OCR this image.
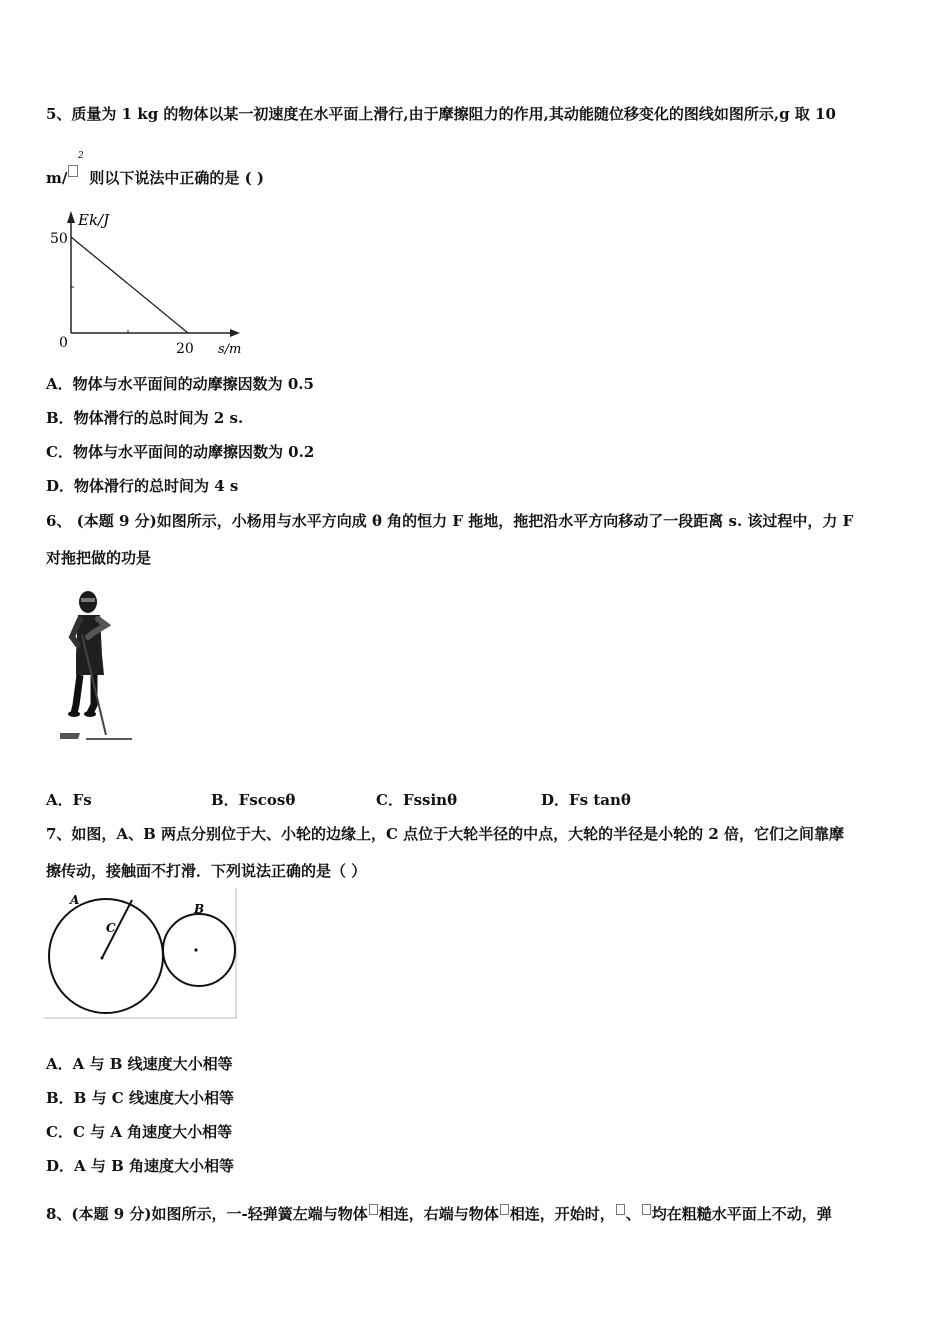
5、质量为 1 kg 的物体以某一初速度在水平面上滑行,由于摩擦阻力的作用,其动能随位移变化的图线如图所示,g 取 10
m/ 则以下说法中正确的是 ( )
2
Ek/J
50
0	20 s/m
A．物体与水平面间的动摩擦因数为 0.5
B．物体滑行的总时间为 2 s.
C．物体与水平面间的动摩擦因数为 0.2
D．物体滑行的总时间为 4 s
6、 (本题 9 分)如图所示，小杨用与水平方向成 θ 角的恒力 F 拖地，拖把沿水平方向移动了一段距离 s. 该过程中，力 F
对拖把做的功是
A．Fs	B．Fscosθ	C．Fssinθ	D．Fs tanθ
7、如图，A、B 两点分别位于大、小轮的边缘上，C 点位于大轮半径的中点，大轮的半径是小轮的 2 倍，它们之间靠摩
擦传动，接触面不打滑．下列说法正确的是（ ）
A
C
B
A．A 与 B 线速度大小相等
B．B 与 C 线速度大小相等
C．C 与 A 角速度大小相等
D．A 与 B 角速度大小相等
8、(本题 9 分)如图所示，一-轻弹簧左端与物体 相连，右端与物体 相连，开始时， 、 均在粗糙水平面上不动，弹
